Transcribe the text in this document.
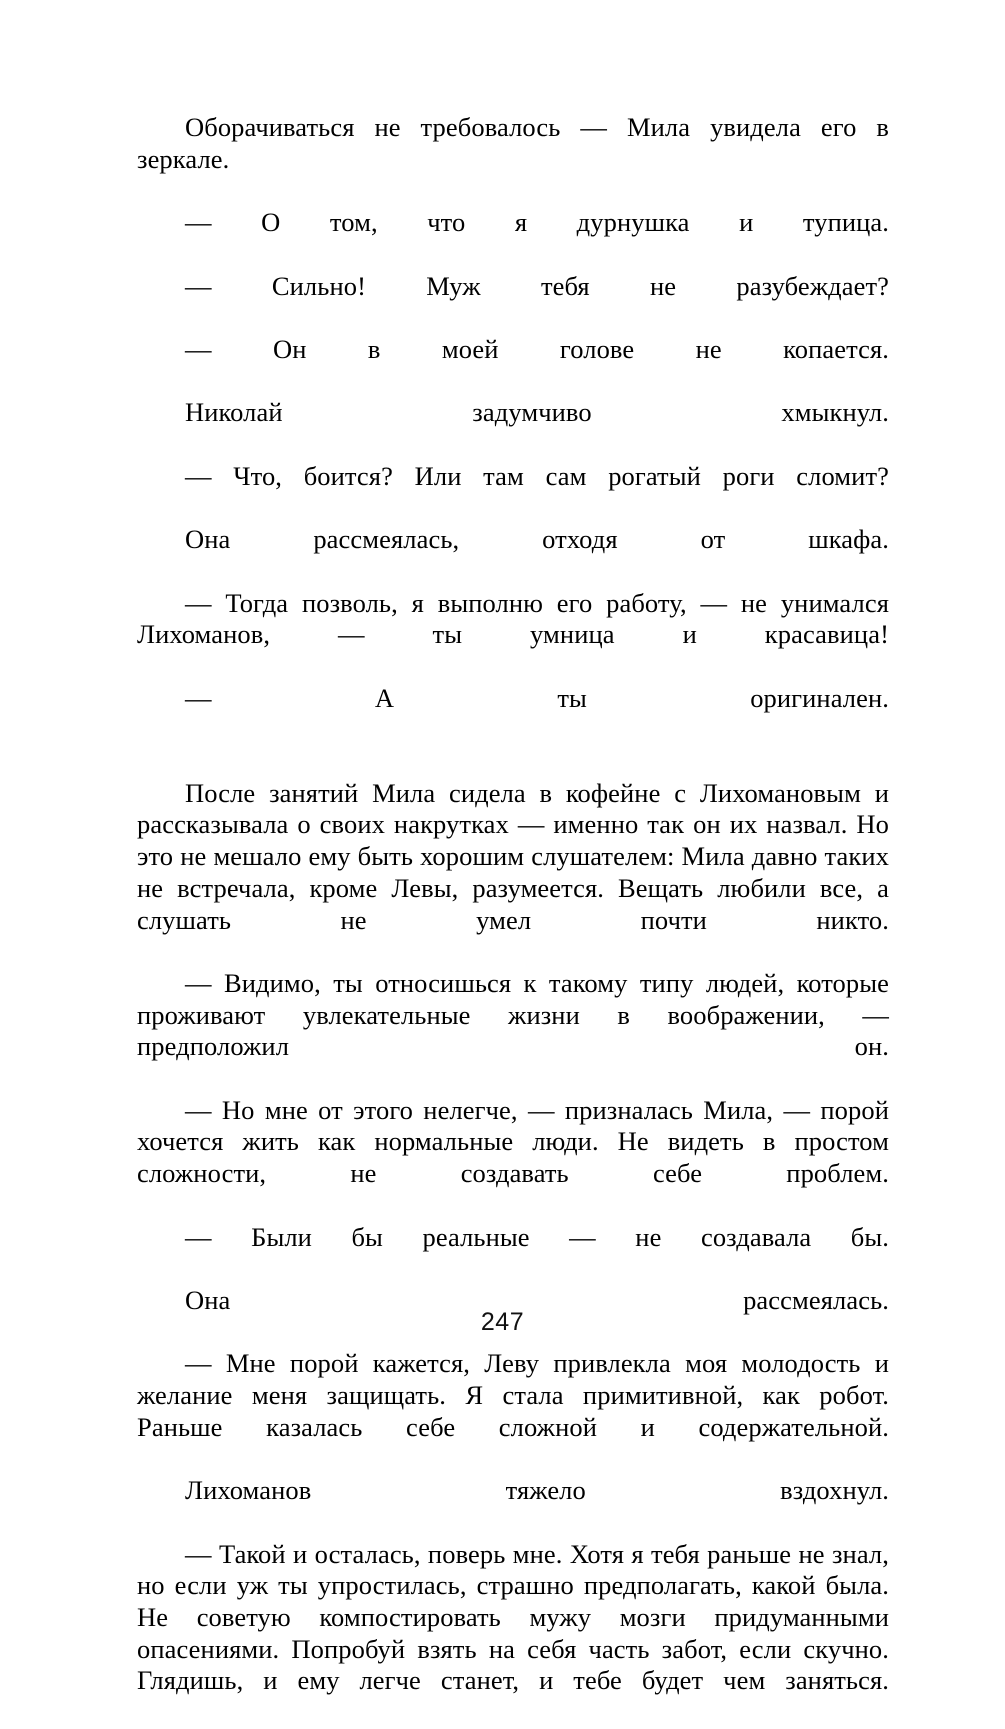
Оборачиваться не требовалось — Мила увидела его в зеркале.

— О том, что я дурнушка и тупица.

— Сильно! Муж тебя не разубеждает?

— Он в моей голове не копается.

Николай задумчиво хмыкнул.

— Что, боится? Или там сам рогатый роги сломит?

Она рассмеялась, отходя от шкафа.

— Тогда позволь, я выполню его работу, — не унимался Лихоманов, — ты умница и красавица!

— А ты оригинален.

После занятий Мила сидела в кофейне с Лихомановым и рассказывала о своих накрутках — именно так он их назвал. Но это не мешало ему быть хорошим слушателем: Мила давно таких не встречала, кроме Левы, разумеется. Вещать любили все, а слушать не умел почти никто.

— Видимо, ты относишься к такому типу людей, которые проживают увлекательные жизни в воображении, — предположил он.

— Но мне от этого нелегче, — призналась Мила, — порой хочется жить как нормальные люди. Не видеть в простом сложности, не создавать себе проблем.

— Были бы реальные — не создавала бы.

Она рассмеялась.

— Мне порой кажется, Леву привлекла моя молодость и желание меня защищать. Я стала примитивной, как робот. Раньше казалась себе сложной и содержательной.

Лихоманов тяжело вздохнул.

— Такой и осталась, поверь мне. Хотя я тебя раньше не знал, но если уж ты упростилась, страшно предполагать, какой была. Не советую компостировать мужу мозги придуманными опасениями. Попробуй взять на себя часть забот, если скучно. Глядишь, и ему легче станет, и тебе будет чем заняться.

247
